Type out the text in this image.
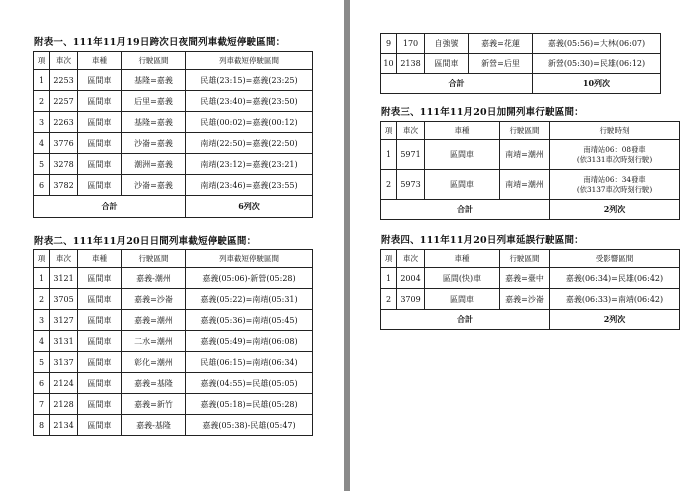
附表一、111年11月19日跨次日夜間列車截短停駛區間：
項	車次	車種	行駛區間	列車截短停駛區間
1	2253	區間車	基隆=嘉義	民雄(23:15)=嘉義(23:25)
2	2257	區間車	后里=嘉義	民雄(23:40)=嘉義(23:50)
3	2263	區間車	基隆=嘉義	民雄(00:02)=嘉義(00:12)
4	3776	區間車	沙崙=嘉義	南靖(22:50)=嘉義(22:50)
5	3278	區間車	潮洲=嘉義	南靖(23:12)=嘉義(23:21)
6	3782	區間車	沙崙=嘉義	南靖(23:46)=嘉義(23:55)
合計				6列次
附表二、111年11月20日日間列車截短停駛區間：
項	車次	車種	行駛區間	列車截短停駛區間
1	3121	區間車	嘉義-潮州	嘉義(05:06)-新營(05:28)
2	3705	區間車	嘉義=沙崙	嘉義(05:22)=南靖(05:31)
3	3127	區間車	嘉義=潮州	嘉義(05:36)=南靖(05:45)
4	3131	區間車	二水=潮州	嘉義(05:49)=南靖(06:08)
5	3137	區間車	彰化=潮州	民雄(06:15)=南靖(06:34)
6	2124	區間車	嘉義=基隆	嘉義(04:55)=民雄(05:05)
7	2128	區間車	嘉義=新竹	嘉義(05:18)=民雄(05:28)
8	2134	區間車	嘉義-基隆	嘉義(05:38)-民雄(05:47)
9	170	自強號	嘉義=花蓮	嘉義(05:56)=大林(06:07)
10	2138	區間車	新營=后里	新營(05:30)=民雄(06:12)
合計				10列次
附表三、111年11月20日加開列車行駛區間：
項	車次	車種	行駛區間	行駛時刻
1	5971	區間車	南靖=潮州	南靖站06：08發車
(依3131車次時刻行駛)

2	5973	區間車	南靖=潮州	南靖站06：34發車
(依3137車次時刻行駛)

合計				2列次
附表四、111年11月20日列車延誤行駛區間：
項	車次	車種	行駛區間	受影響區間
1	2004	區間(快)車	嘉義=臺中	嘉義(06:34)=民雄(06:42)
2	3709	區間車	嘉義=沙崙	嘉義(06:33)=南靖(06:42)
合計				2列次
